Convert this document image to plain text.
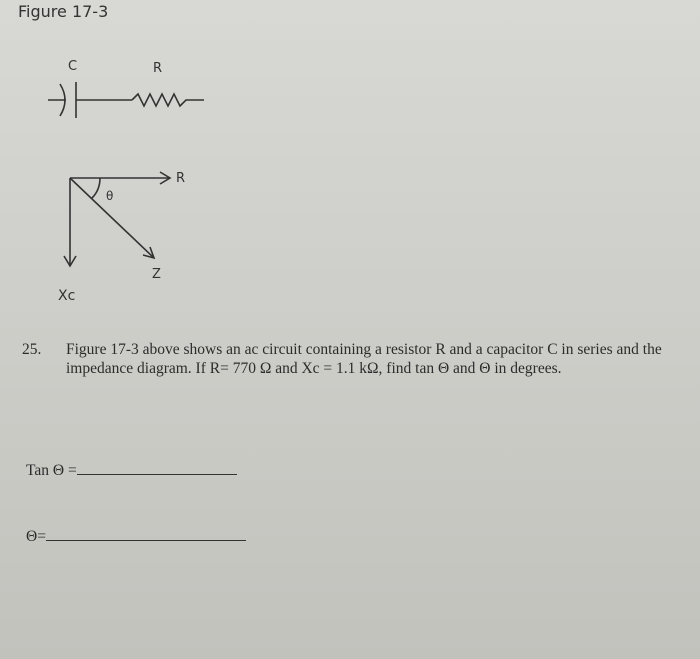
Figure 17-3
C	R
R
θ
Z
Xc
25. Figure 17-3 above shows an ac circuit containing a resistor R and a capacitor C in series and the impedance diagram. If R= 770 Ω and Xc = 1.1 kΩ, find tan Θ and Θ in degrees.
Tan Θ =
Θ=
